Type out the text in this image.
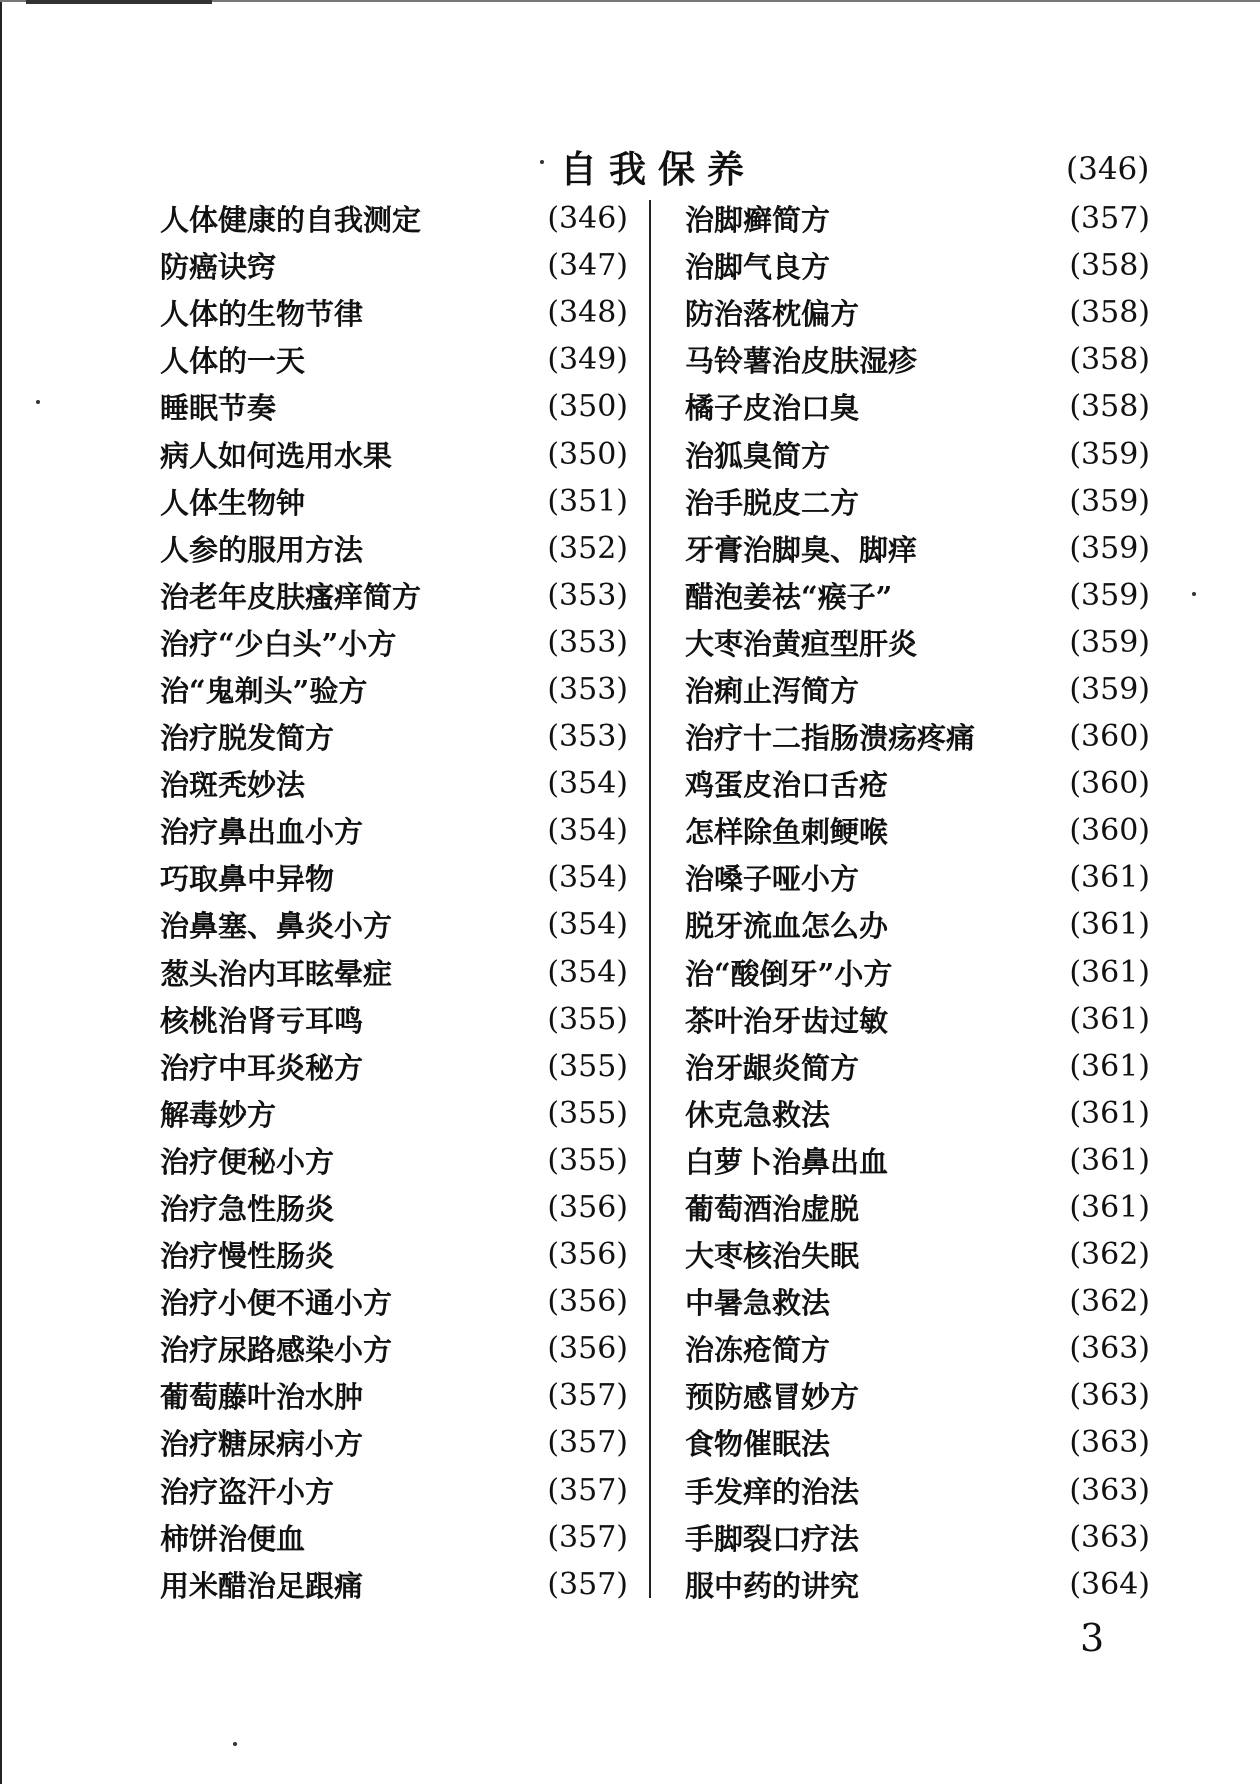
自我保养	(346)
人体健康的自我测定	(346)
防癌诀窍	(347)
人体的生物节律	(348)
人体的一天	(349)
睡眠节奏	(350)
病人如何选用水果	(350)
人体生物钟	(351)
人参的服用方法	(352)
治老年皮肤瘙痒简方	(353)
治疗“少白头”小方	(353)
治“鬼剃头”验方	(353)
治疗脱发简方	(353)
治斑秃妙法	(354)
治疗鼻出血小方	(354)
巧取鼻中异物	(354)
治鼻塞、鼻炎小方	(354)
葱头治内耳眩晕症	(354)
核桃治肾亏耳鸣	(355)
治疗中耳炎秘方	(355)
解毒妙方	(355)
治疗便秘小方	(355)
治疗急性肠炎	(356)
治疗慢性肠炎	(356)
治疗小便不通小方	(356)
治疗尿路感染小方	(356)
葡萄藤叶治水肿	(357)
治疗糖尿病小方	(357)
治疗盗汗小方	(357)
柿饼治便血	(357)
用米醋治足跟痛	(357)
治脚癣简方	(357)
治脚气良方	(358)
防治落枕偏方	(358)
马铃薯治皮肤湿疹	(358)
橘子皮治口臭	(358)
治狐臭简方	(359)
治手脱皮二方	(359)
牙膏治脚臭、脚痒	(359)
醋泡姜祛“瘊子”	(359)
大枣治黄疸型肝炎	(359)
治痢止泻简方	(359)
治疗十二指肠溃疡疼痛	(360)
鸡蛋皮治口舌疮	(360)
怎样除鱼刺鲠喉	(360)
治嗓子哑小方	(361)
脱牙流血怎么办	(361)
治“酸倒牙”小方	(361)
茶叶治牙齿过敏	(361)
治牙龈炎简方	(361)
休克急救法	(361)
白萝卜治鼻出血	(361)
葡萄酒治虚脱	(361)
大枣核治失眠	(362)
中暑急救法	(362)
治冻疮简方	(363)
预防感冒妙方	(363)
食物催眠法	(363)
手发痒的治法	(363)
手脚裂口疗法	(363)
服中药的讲究	(364)
3
